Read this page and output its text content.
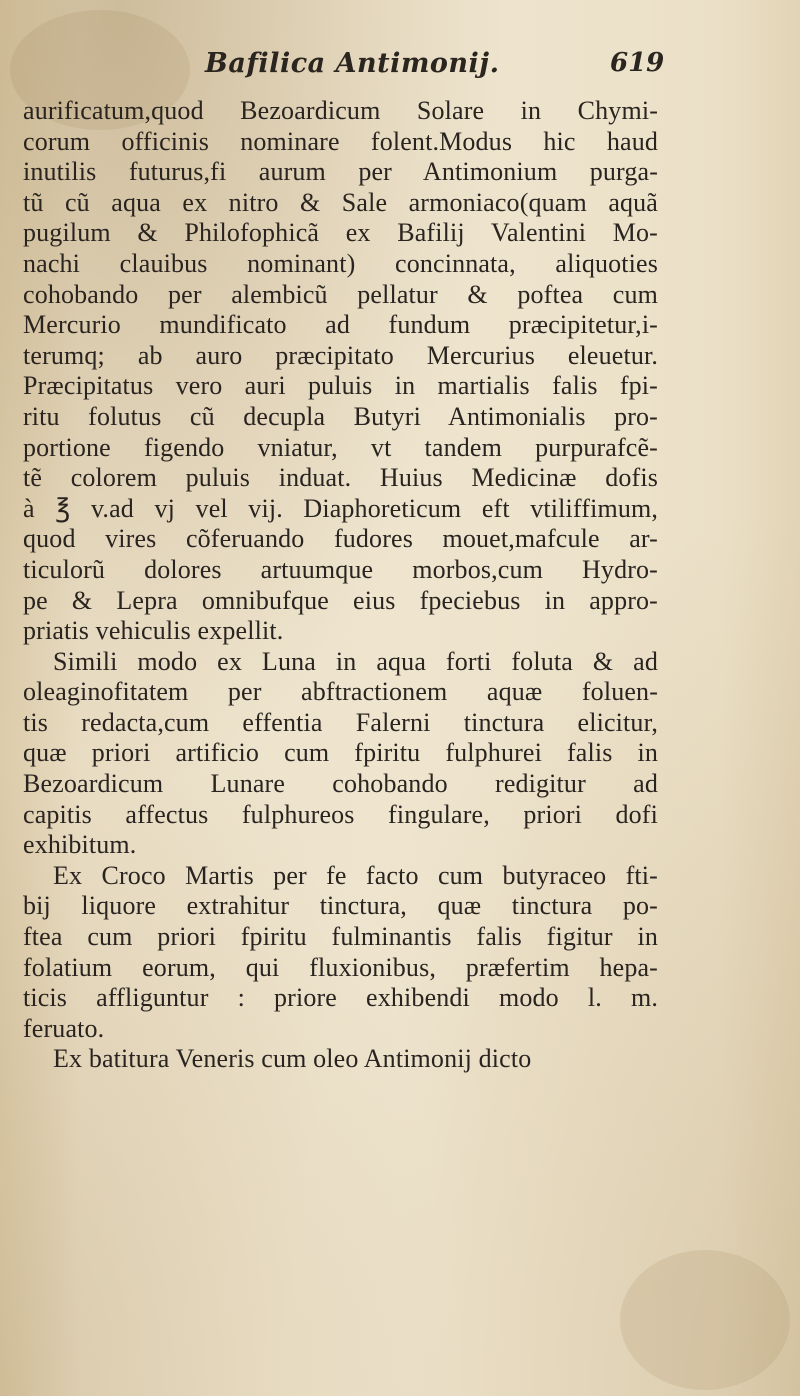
Bafilica Antimonij.	619
aurificatum,quod Bezoardicum Solare in Chymi-
corum officinis nominare folent.Modus hic haud
inutilis futurus,fi aurum per Antimonium purga-
tũ cũ aqua ex nitro & Sale armoniaco(quam aquã
pugilum & Philofophicã ex Bafilij Valentini Mo-
nachi clauibus nominant) concinnata, aliquoties
cohobando per alembicũ pellatur & poftea cum
Mercurio mundificato ad fundum præcipitetur,i-
terumq; ab auro præcipitato Mercurius eleuetur.
Præcipitatus vero auri puluis in martialis falis fpi-
ritu folutus cũ decupla Butyri Antimonialis pro-
portione figendo vniatur, vt tandem purpurafcẽ-
tẽ colorem puluis induat. Huius Medicinæ dofis
à ℥ v.ad vj vel vij. Diaphoreticum eft vtiliffimum,
quod vires cõferuando fudores mouet,mafcule ar-
ticulorũ dolores artuumque morbos,cum Hydro-
pe & Lepra omnibufque eius fpeciebus in appro-
priatis vehiculis expellit.
Simili modo ex Luna in aqua forti foluta & ad
oleaginofitatem per abftractionem aquæ foluen-
tis redacta,cum effentia Falerni tinctura elicitur,
quæ priori artificio cum fpiritu fulphurei falis in
Bezoardicum Lunare cohobando redigitur ad
capitis affectus fulphureos fingulare, priori dofi
exhibitum.
Ex Croco Martis per fe facto cum butyraceo fti-
bij liquore extrahitur tinctura, quæ tinctura po-
ftea cum priori fpiritu fulminantis falis figitur in
folatium eorum, qui fluxionibus, præfertim hepa-
ticis affliguntur : priore exhibendi modo l. m.
feruato.
Ex batitura Veneris cum oleo Antimonij dicto
